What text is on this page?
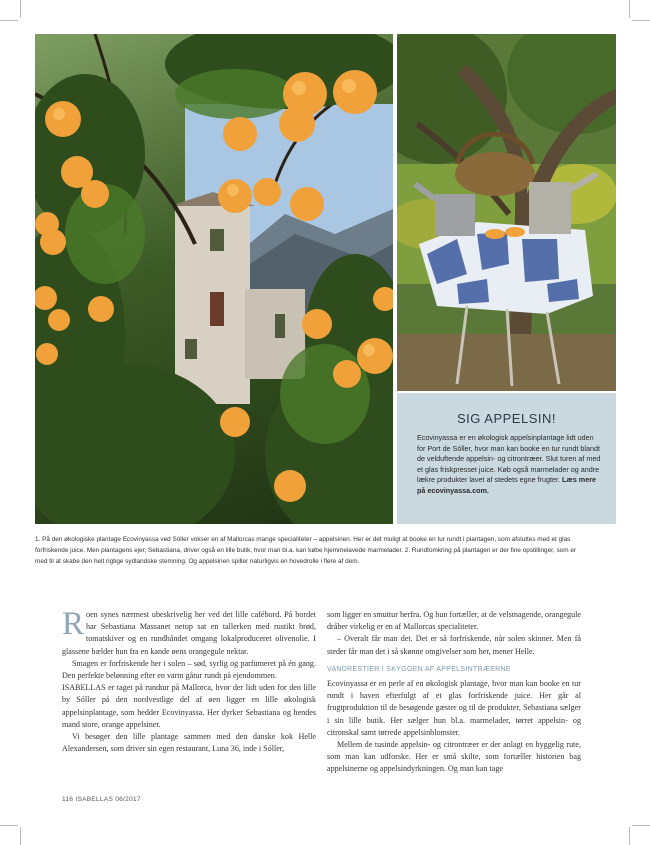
SIG APPELSIN!
Ecovinyassa er en økologisk appelsinplantage lidt uden for Port de Sóller, hvor man kan booke en tur rundt blandt de velduftende appelsin- og citrontræer. Slut turen af med et glas friskpresset juice. Køb også marmelader og andre lækre produkter lavet af stedets egne frugter. Læs mere på ecovinyassa.com.
1. På den økologiske plantage Ecovinyassa ved Sóller vokser en af Mallorcas mange specialiteter – appelsinen. Her er det muligt at booke en tur rundt i plantagen, som afsluttes med et glas forfriskende juice. Men plantagens ejer, Sebastiana, driver også en lille butik, hvor man bl.a. kan købe hjemmelavede marmelader. 2. Rundtomkring på plantagen er der fine opstillinger, som er med til at skabe den helt rigtige sydlandske stemning. Og appelsinen spiller naturligvis en hovedrolle i flere af dem.

Roen synes nærmest ubeskrivelig her ved det lille cafébord. På bordet har Sebastiana Massanet netop sat en tallerken med rustikt brød, tomatskiver og en rundhåndet omgang lokalproduceret olivenolie. I glassene hælder hun fra en kande øens orangegule nektar.

Smagen er forfriskende her i solen – sød, syrlig og parfumeret på én gang. Den perfekte belønning efter en varm gåtur rundt på ejendommen.

ISABELLAS er taget på rundtur på Mallorca, hvor der lidt uden for den lille by Sóller på den nordvestlige del af øen ligger en lille økologisk appelsinplantage, som hedder Ecovinyassa. Her dyrker Sebastiana og hendes mand store, orange appelsiner.

Vi besøger den lille plantage sammen med den danske kok Helle Alexandersen, som driver sin egen restaurant, Luna 36, inde i Sóller,

som ligger en smuttur herfra. Og hun fortæller, at de velsmagende, orangegule dråber virkelig er en af Mallorcas specialiteter.

– Overalt får man det. Det er så forfriskende, når solen skinner. Men få steder får man det i så skønne omgivelser som her, mener Helle.

VANDRESTIER I SKYGGEN AF APPELSINTRÆERNE

Ecovinyassa er en perle af en økologisk plantage, hvor man kan booke en tur rundt i haven efterfulgt af et glas forfriskende juice. Her går al frugtproduktion til de besøgende gæster og til de produkter, Sebastiana sælger i sin lille butik. Her sælger hun bl.a. marmelader, tørret appelsin- og citronskal samt tørrede appelsinblomster.

Mellem de tusinde appelsin- og citrontræer er der anlagt en hyggelig rute, som man kan udforske. Her er små skilte, som fortæller historien bag appelsinerne og appelsindyrkningen. Og man kan tage

116 ISABELLAS 06/2017
